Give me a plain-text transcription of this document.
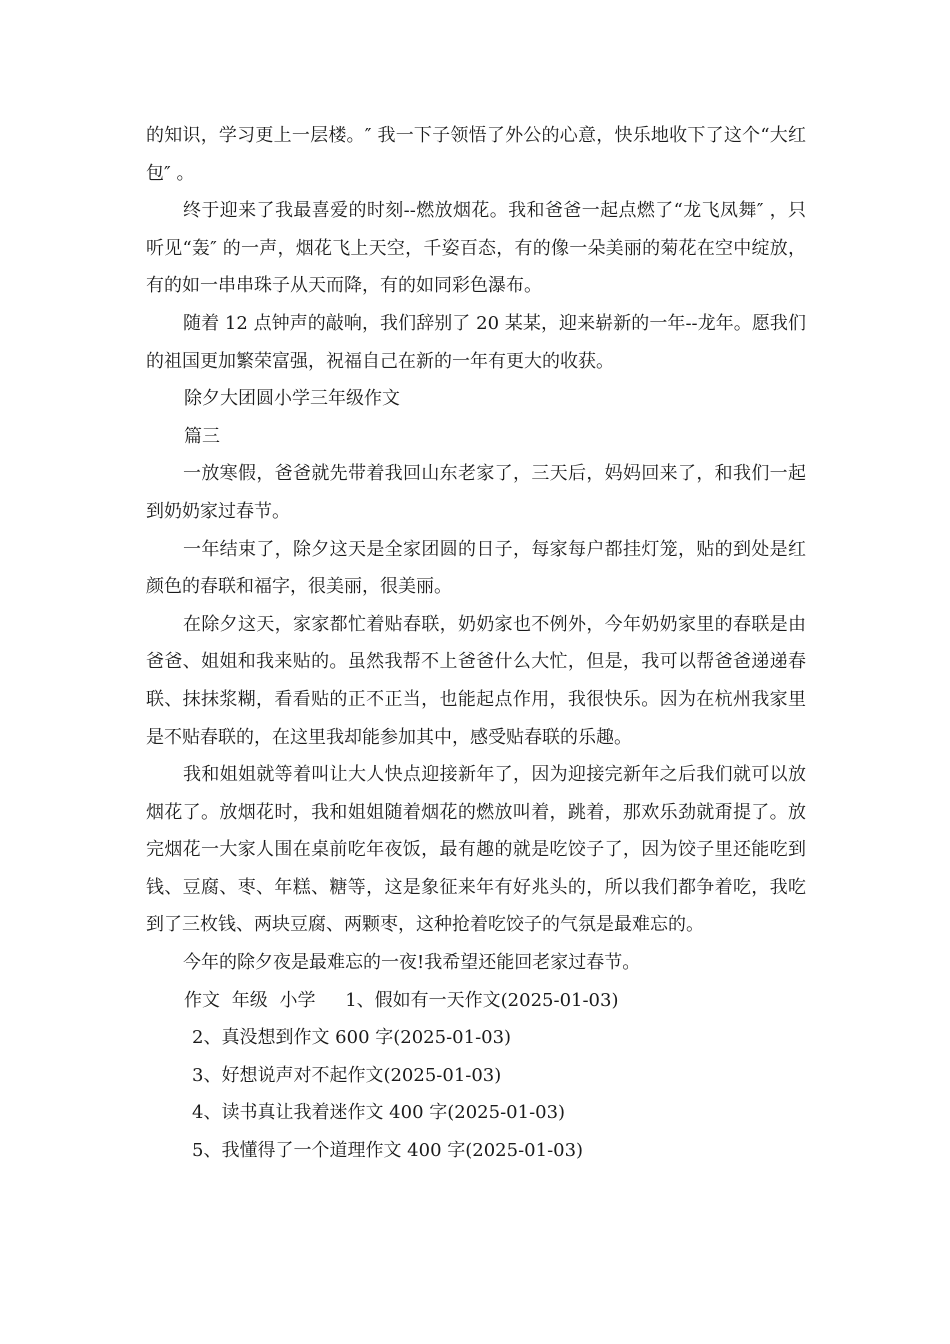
的知识，学习更上一层楼。″ 我一下子领悟了外公的心意，快乐地收下了这个“大红包″ 。

终于迎来了我最喜爱的时刻--燃放烟花。我和爸爸一起点燃了“龙飞凤舞″ ，只听见“轰″ 的一声，烟花飞上天空，千姿百态，有的像一朵美丽的菊花在空中绽放，有的如一串串珠子从天而降，有的如同彩色瀑布。

随着 12 点钟声的敲响，我们辞别了 20 某某，迎来崭新的一年--龙年。愿我们的祖国更加繁荣富强，祝福自己在新的一年有更大的收获。

除夕大团圆小学三年级作文

篇三

一放寒假，爸爸就先带着我回山东老家了，三天后，妈妈回来了，和我们一起到奶奶家过春节。

一年结束了，除夕这天是全家团圆的日子，每家每户都挂灯笼，贴的到处是红颜色的春联和福字，很美丽，很美丽。

在除夕这天，家家都忙着贴春联，奶奶家也不例外，今年奶奶家里的春联是由爸爸、姐姐和我来贴的。虽然我帮不上爸爸什么大忙，但是，我可以帮爸爸递递春联、抹抹浆糊，看看贴的正不正当，也能起点作用，我很快乐。因为在杭州我家里是不贴春联的，在这里我却能参加其中，感受贴春联的乐趣。

我和姐姐就等着叫让大人快点迎接新年了，因为迎接完新年之后我们就可以放烟花了。放烟花时，我和姐姐随着烟花的燃放叫着，跳着，那欢乐劲就甭提了。放完烟花一大家人围在桌前吃年夜饭，最有趣的就是吃饺子了，因为饺子里还能吃到钱、豆腐、枣、年糕、糖等，这是象征来年有好兆头的，所以我们都争着吃，我吃到了三枚钱、两块豆腐、两颗枣，这种抢着吃饺子的气氛是最难忘的。

今年的除夕夜是最难忘的一夜!我希望还能回老家过春节。

作文 年级 小学 1、假如有一天作文(2025-01-03)

2、真没想到作文 600 字(2025-01-03)

3、好想说声对不起作文(2025-01-03)

4、读书真让我着迷作文 400 字(2025-01-03)

5、我懂得了一个道理作文 400 字(2025-01-03)
